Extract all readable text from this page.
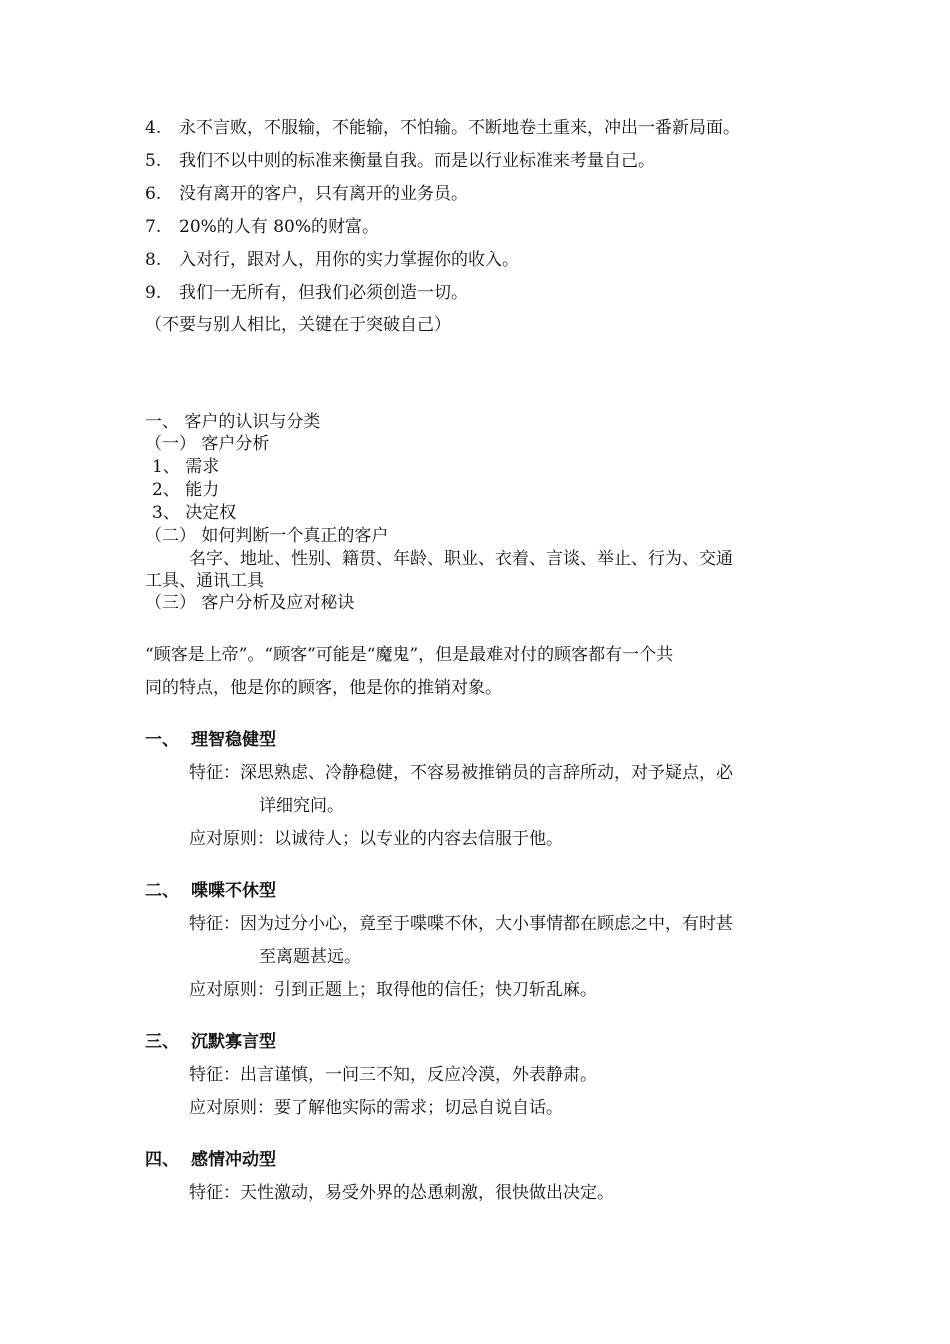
4. 永不言败，不服输，不能输，不怕输。不断地卷土重来，冲出一番新局面。
5. 我们不以中则的标准来衡量自我。而是以行业标准来考量自己。
6. 没有离开的客户，只有离开的业务员。
7. 20%的人有 80%的财富。
8. 入对行，跟对人，用你的实力掌握你的收入。
9. 我们一无所有，但我们必须创造一切。
（不要与别人相比，关键在于突破自己）
一、 客户的认识与分类
（一） 客户分析
1、 需求
2、 能力
3、 决定权
（二） 如何判断一个真正的客户
名字、地址、性别、籍贯、年龄、职业、衣着、言谈、举止、行为、交通
工具、通讯工具
（三） 客户分析及应对秘诀
“顾客是上帝”。“顾客”可能是“魔鬼”，但是最难对付的顾客都有一个共
同的特点，他是你的顾客，他是你的推销对象。
一、 理智稳健型
特征：深思熟虑、冷静稳健，不容易被推销员的言辞所动，对予疑点，必
详细究问。
应对原则：以诚待人；以专业的内容去信服于他。
二、 喋喋不休型
特征：因为过分小心，竟至于喋喋不休，大小事情都在顾虑之中，有时甚
至离题甚远。
应对原则：引到正题上；取得他的信任；快刀斩乱麻。
三、 沉默寡言型
特征：出言谨慎，一问三不知，反应冷漠，外表静肃。
应对原则：要了解他实际的需求；切忌自说自话。
四、 感情冲动型
特征：天性激动，易受外界的怂恿刺激，很快做出决定。
